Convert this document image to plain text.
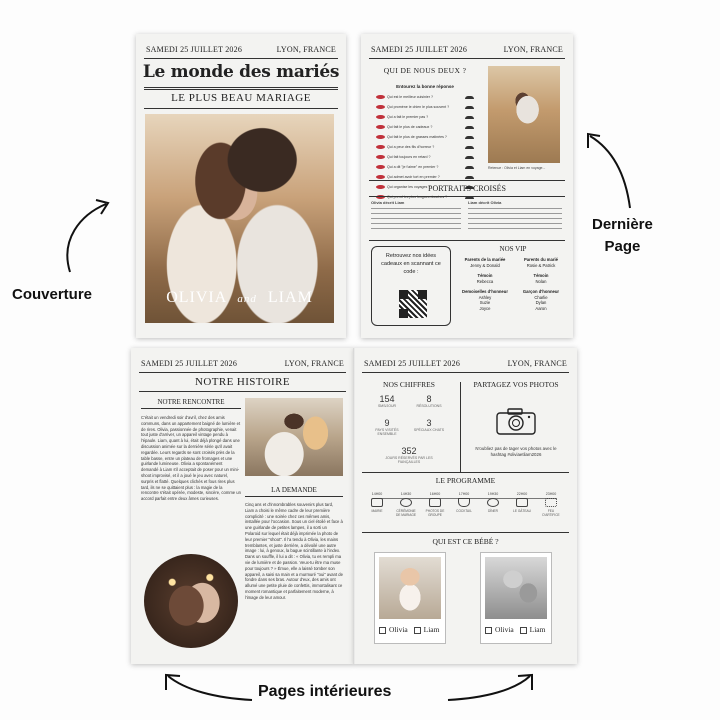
SAMEDI 25 JUILLET 2026	LYON, FRANCE
Le monde des mariés
LE PLUS BEAU MARIAGE
OLIVIA and LIAM
SAMEDI 25 JUILLET 2026	LYON, FRANCE
QUI DE NOUS DEUX ?
Entourez la bonne réponse
Qui est le meilleur cuisinier ?
Qui promène le chien le plus souvent ?
Qui a fait le premier pas ?
Qui fait le plus de cadeaux ?
Qui fait le plus de grasses matinées ?
Qui a peur des fils d'horreur ?
Qui fait toujours en retard ?
Qui a dit "je t'aime" en premier ?
Qui admet avoir tort en premier ?
Qui organise les voyages ?
Qui prend les plus longues douches ?
Retenue : Olivia et Liam en voyage...
PORTRAITS CROISÉS
Olivia décrit Liam	Liam décrit Olivia
Retrouvez nos idées cadeaux en scannant ce code :
NOS VIP
Parents de la mariée
Jenny & Donald
Parents du marié
Rosie & Patrick
Témoin
Rebecca
Témoin
Nolan
Demoiselles d'honneur
Ashley
Suzie
Joyce
Garçon d'honneur
Charlie
Dylan
Aaron
SAMEDI 25 JUILLET 2026	LYON, FRANCE
NOTRE HISTOIRE
NOTRE RENCONTRE
C'était un vendredi soir d'avril, chez des amis communs, dans un appartement baigné de lumière et de rires. Olivia, passionnée de photographie, venait tout juste d'arriver, un appareil vintage pendu à l'épaule. Liam, quant à lui, était déjà plongé dans une discussion animée sur la dernière série qu'il avait regardée. Leurs regards se sont croisés près de la table basse, entre un plateau de fromages et une guirlande lumineuse. Olivia a spontanément demandé à Liam s'il acceptait de poser pour un mini-shoot improvisé, et il a joué le jeu avec naturel, surpris et flatté. Quelques clichés et fous rires plus tard, ils ne se quittaient plus : la magie de la rencontre s'était opérée, modeste, sincère, comme un accord parfait entre deux âmes curieuses.
LA DEMANDE
Cinq ans et d'innombrables souvenirs plus tard, Liam a choisi le même cadre de leur première complicité : une soirée chez ces mêmes amis, installée pour l'occasion. Sous un ciel étoilé et face à une guirlande de petites lampes, il a sorti un Polaroid sur lequel était déjà imprimée la photo de leur premier "shoot". Il l'a tendu à Olivia, les mains tremblantes, et juste derrière, a dévoilé une autre image : lui, à genoux, la bague scintillante à l'index. Dans un souffle, il lui a dit : « Olivia, tu es rempli ma vie de lumière et de passion. Veux-tu être ma muse pour toujours ? » Émue, elle a laissé tomber son appareil, a saisi sa main et a murmuré "oui" avant de fondre dans ses bras. Autour d'eux, des amis ont allumé une petite pluie de confettis, immortalisant ce moment romantique et parfaitement moderne, à l'image de leur amour.
SAMEDI 25 JUILLET 2026	LYON, FRANCE
NOS CHIFFRES
154
SMS/JOUR
8
RÉSOLUTIONS
9
PAYS VISITÉS ENSEMBLE
3
SPÉCIAUX CHATS
352
JOURS RÉSERVÉS PAR LES FIANÇAILLES
PARTAGEZ VOS PHOTOS
N'oubliez pas de tager vos photos avec le hashtag #oliviaetliam2026
LE PROGRAMME
14H00
MAIRIE
14H30
CÉRÉMONIE DE MARIAGE
16H00
PHOTOS DE GROUPE
17H00
COCKTAIL
19H30
DÎNER
22H00
LE GÂTEAU
23H00
FEU D'ARTIFICE
QUI EST CE BÉBÉ ?
Olivia Liam	Olivia Liam
Couverture
Dernière
Page
Pages intérieures
